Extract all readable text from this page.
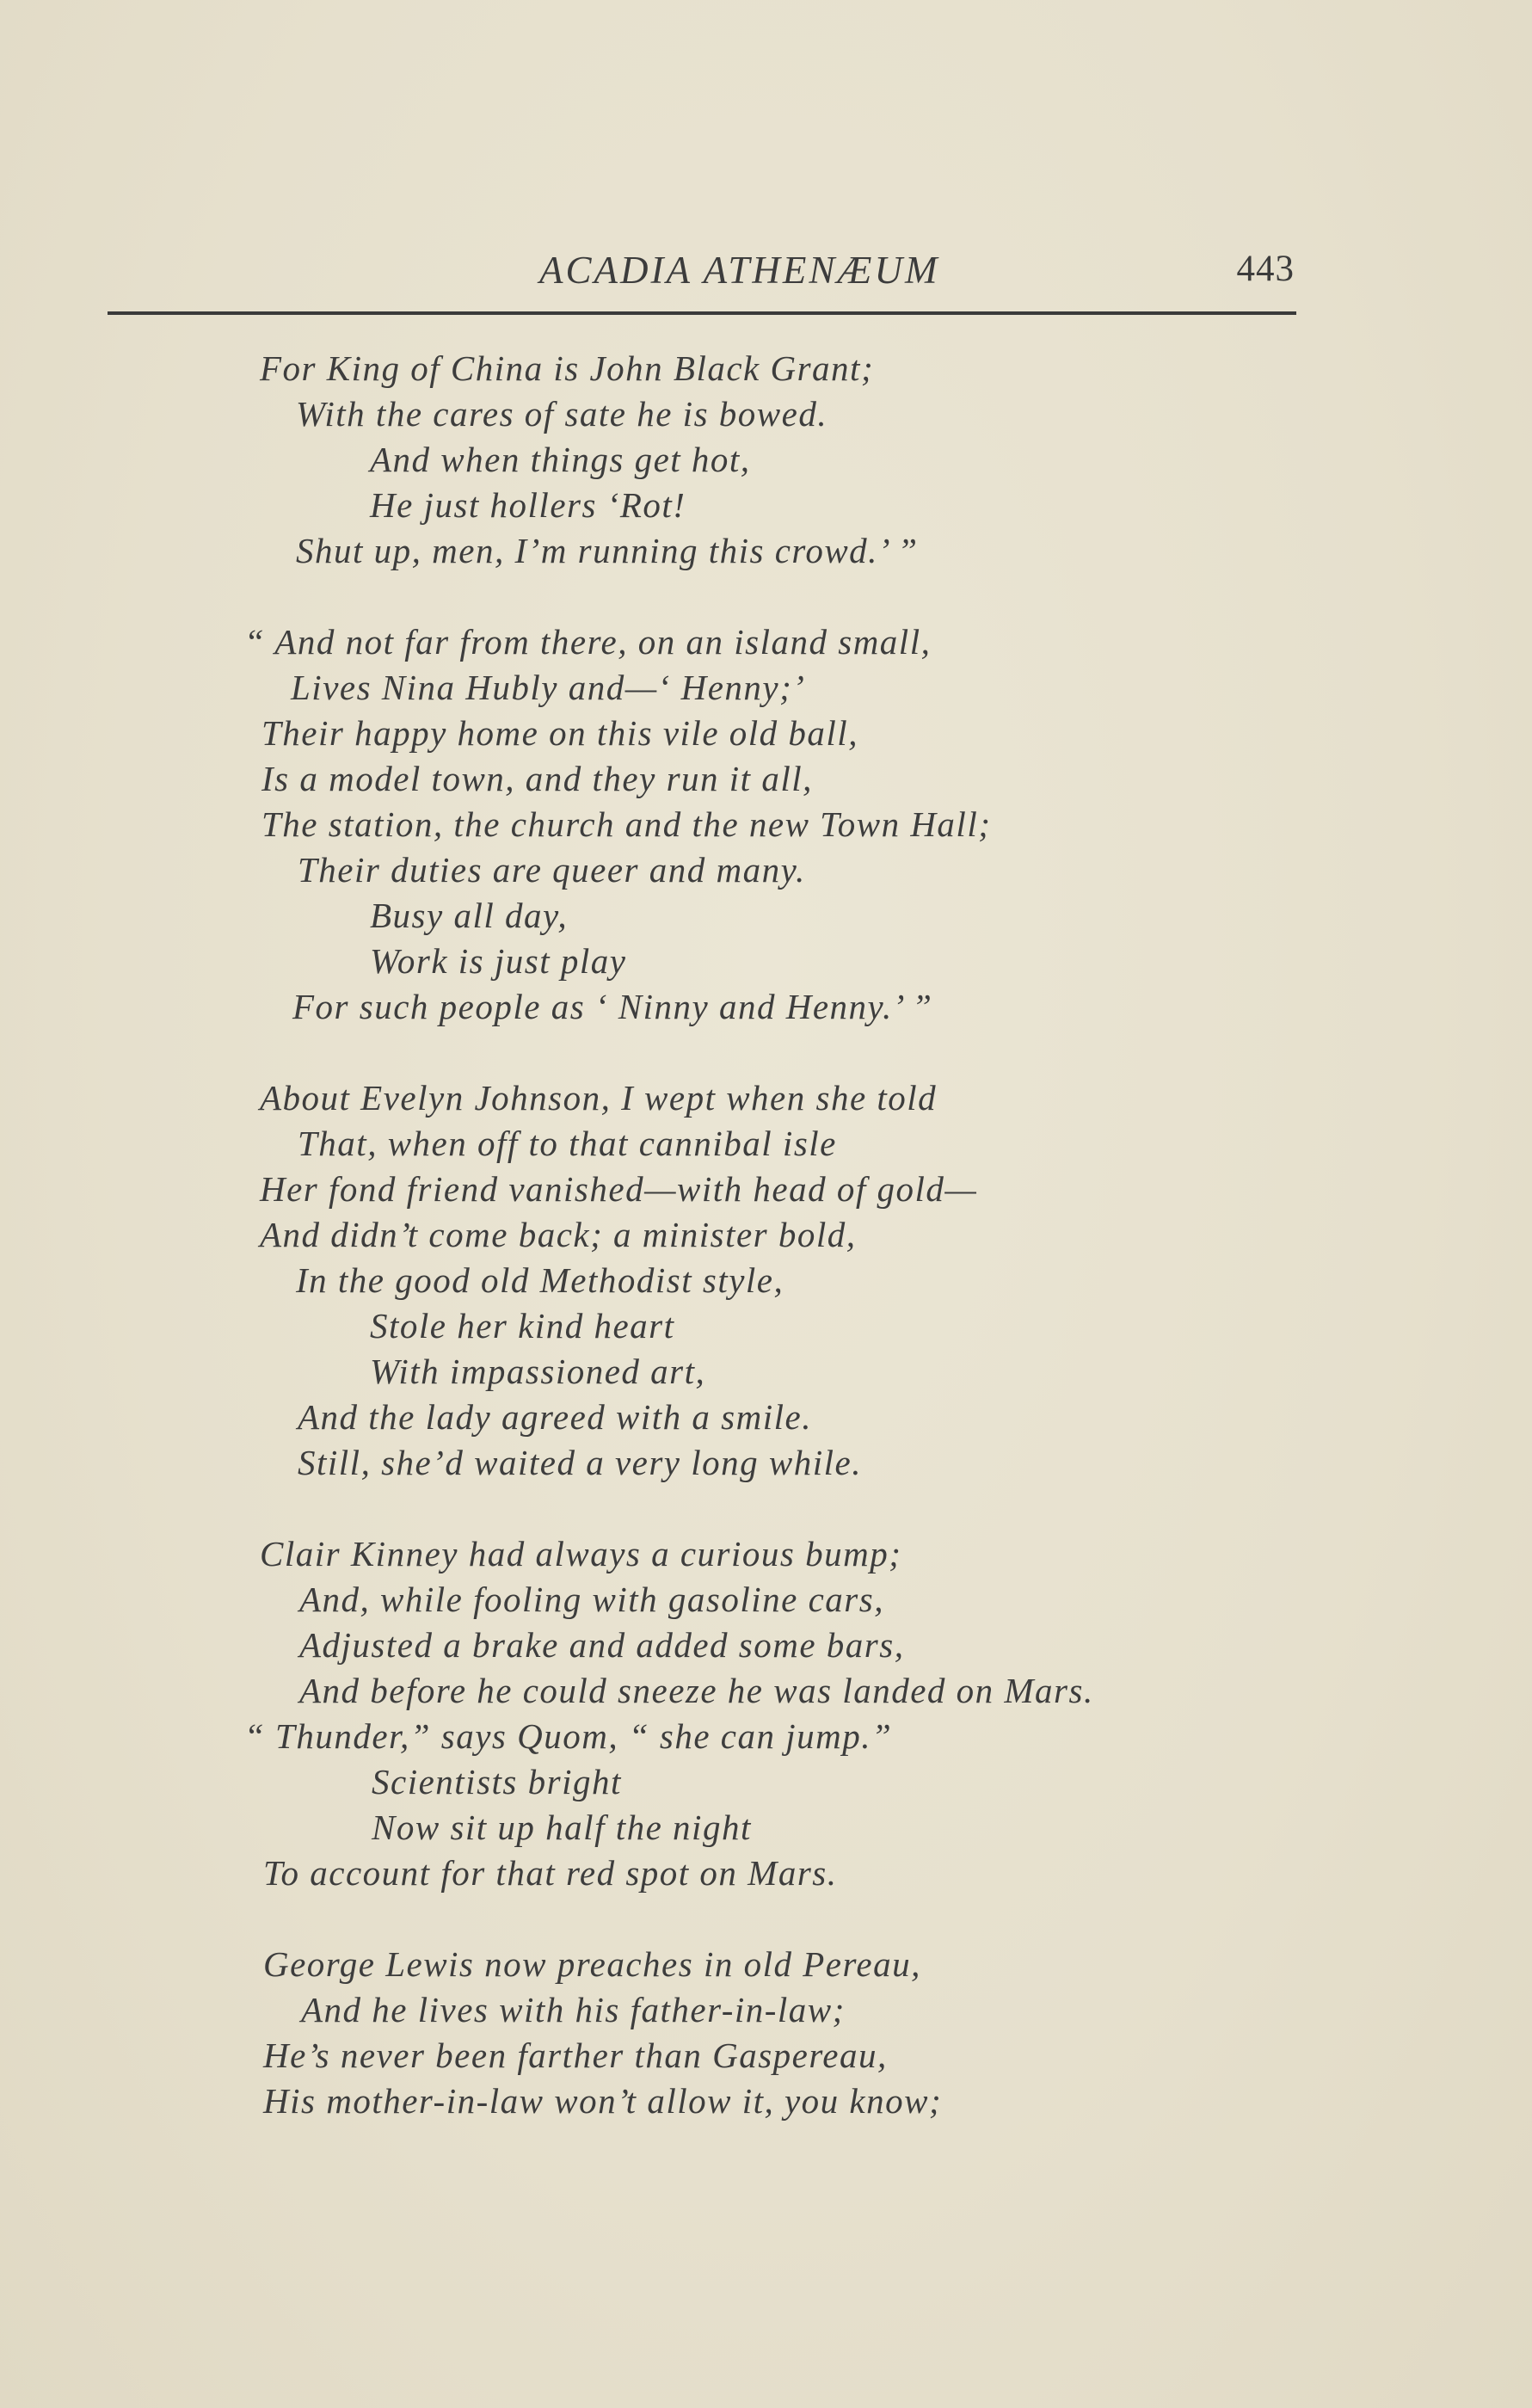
ACADIA ATHENÆUM	443
For King of China is John Black Grant;
With the cares of sate he is bowed.
And when things get hot,
He just hollers ‘Rot!
Shut up, men, I’m running this crowd.’ ”
“ And not far from there, on an island small,
Lives Nina Hubly and—‘ Henny;’
Their happy home on this vile old ball,
Is a model town, and they run it all,
The station, the church and the new Town Hall;
Their duties are queer and many.
Busy all day,
Work is just play
For such people as ‘ Ninny and Henny.’ ”
About Evelyn Johnson, I wept when she told
That, when off to that cannibal isle
Her fond friend vanished—with head of gold—
And didn’t come back; a minister bold,
In the good old Methodist style,
Stole her kind heart
With impassioned art,
And the lady agreed with a smile.
Still, she’d waited a very long while.
Clair Kinney had always a curious bump;
And, while fooling with gasoline cars,
Adjusted a brake and added some bars,
And before he could sneeze he was landed on Mars.
“ Thunder,” says Quom, “ she can jump.”
Scientists bright
Now sit up half the night
To account for that red spot on Mars.
George Lewis now preaches in old Pereau,
And he lives with his father-in-law;
He’s never been farther than Gaspereau,
His mother-in-law won’t allow it, you know;
